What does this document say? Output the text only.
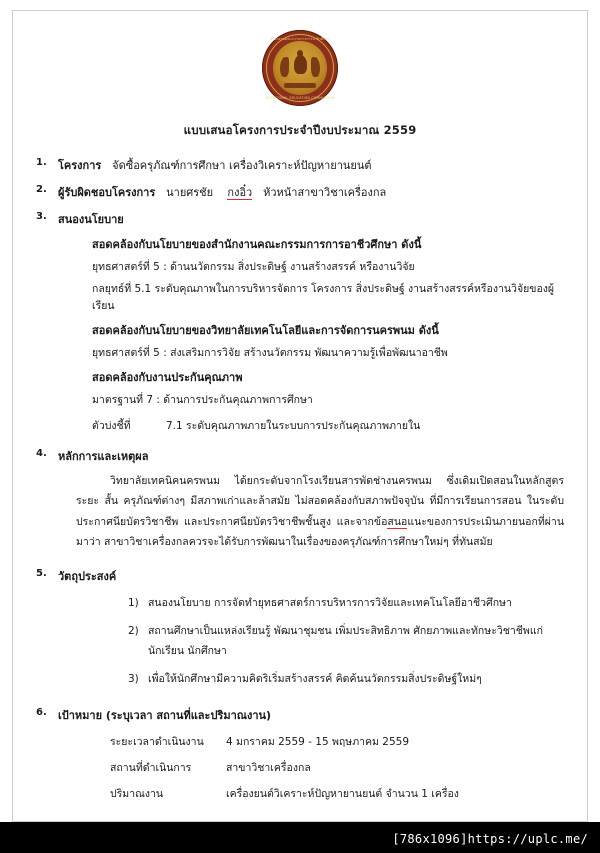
สำนักงานคณะกรรมการการอาชีวศึกษา
VOCATIONAL EDUCATION COMMISSION
แบบเสนอโครงการประจำปีงบประมาณ 2559
1.	โครงการ จัดซื้อครุภัณฑ์การศึกษา เครื่องวิเคราะห์ปัญหายานยนต์
2.	ผู้รับผิดชอบโครงการ นายศรชัย กงอิ๋ว หัวหน้าสาขาวิชาเครื่องกล
3.	สนองนโยบาย
สอดคล้องกับนโยบายของสำนักงานคณะกรรมการการอาชีวศึกษา ดังนี้
ยุทธศาสตร์ที่ 5 : ด้านนวัตกรรม สิ่งประดิษฐ์ งานสร้างสรรค์ หรืองานวิจัย
กลยุทธ์ที่ 5.1 ระดับคุณภาพในการบริหารจัดการ โครงการ สิ่งประดิษฐ์ งานสร้างสรรค์หรืองานวิจัยของผู้เรียน
สอดคล้องกับนโยบายของวิทยาลัยเทคโนโลยีและการจัดการนครพนม ดังนี้
ยุทธศาสตร์ที่ 5 : ส่งเสริมการวิจัย สร้างนวัตกรรม พัฒนาความรู้เพื่อพัฒนาอาชีพ
สอดคล้องกับงานประกันคุณภาพ
มาตรฐานที่ 7 : ด้านการประกันคุณภาพการศึกษา
ตัวบ่งชี้ที่	7.1 ระดับคุณภาพภายในระบบการประกันคุณภาพภายใน
4.	หลักการและเหตุผล
วิทยาลัยเทคนิคนครพนม ได้ยกระดับจากโรงเรียนสารพัดช่างนครพนม ซึ่งเดิมเปิดสอนในหลักสูตรระยะ สั้น ครุภัณฑ์ต่างๆ มีสภาพเก่าและล้าสมัย ไม่สอดคล้องกับสภาพปัจจุบัน ที่มีการเรียนการสอน ในระดับ ประกาศนียบัตรวิชาชีพ และประกาศนียบัตรวิชาชีพชั้นสูง และจากข้อสนอแนะของการประเมินภายนอกที่ผ่านมาว่า สาขาวิชาเครื่องกลควรจะได้รับการพัฒนาในเรื่องของครุภัณฑ์การศึกษาใหม่ๆ ที่ทันสมัย
5.	วัตถุประสงค์
1) สนองนโยบาย การจัดทำยุทธศาสตร์การบริหารการวิจัยและเทคโนโลยีอาชีวศึกษา
2) สถานศึกษาเป็นแหล่งเรียนรู้ พัฒนาชุมชน เพิ่มประสิทธิภาพ ศักยภาพและทักษะวิชาชีพแก่นักเรียน นักศึกษา
3) เพื่อให้นักศึกษามีความคิดริเริ่มสร้างสรรค์ คิดค้นนวัตกรรมสิ่งประดิษฐ์ใหม่ๆ
6.	เป้าหมาย (ระบุเวลา สถานที่และปริมาณงาน)
ระยะเวลาดำเนินงาน	4 มกราคม 2559 - 15 พฤษภาคม 2559
สถานที่ดำเนินการ	สาขาวิชาเครื่องกล
ปริมาณงาน	เครื่องยนต์วิเคราะห์ปัญหายานยนต์ จำนวน 1 เครื่อง
[786x1096]https://uplc.me/
